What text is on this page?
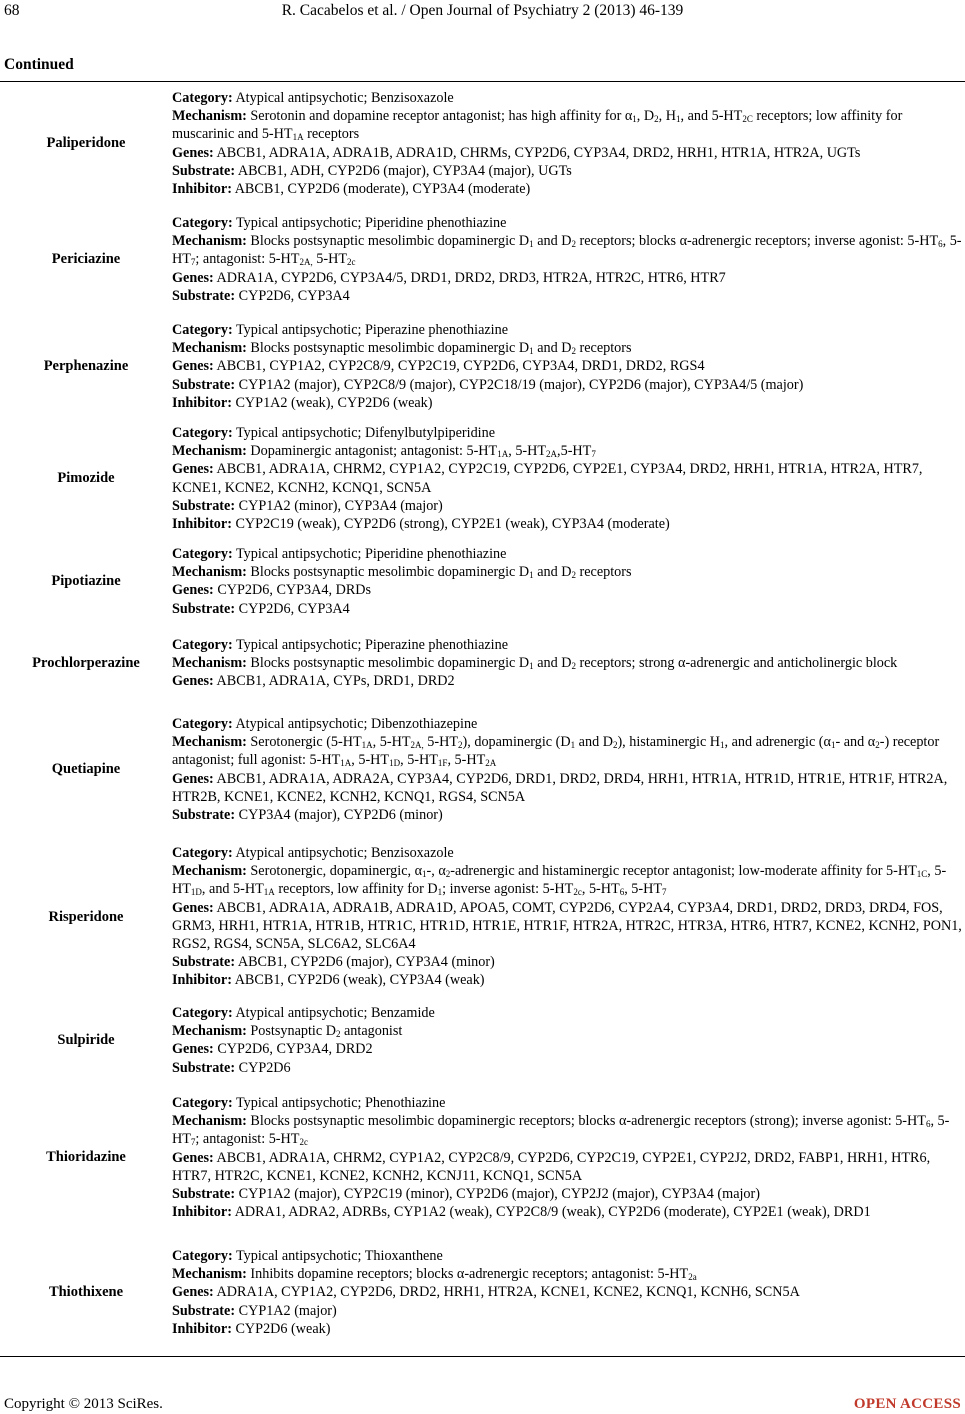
68	R. Cacabelos et al. / Open Journal of Psychiatry 2 (2013) 46-139
Continued
Paliperidone

Category: Atypical antipsychotic; Benzisoxazole

Mechanism: Serotonin and dopamine receptor antagonist; has high affinity for $\alpha_1$, $D_2$, $H_1$, and $5-HT_{2C}$ receptors; low affinity for muscarinic and $5-HT_{1A}$ receptors

Genes: ABCB1, ADRA1A, ADRA1B, ADRA1D, CHRMs, CYP2D6, CYP3A4, DRD2, HRH1, HTR1A, HTR2A, UGTs

Substrate: ABCB1, ADH, CYP2D6 (major), CYP3A4 (major), UGTs

Inhibitor: ABCB1, CYP2D6 (moderate), CYP3A4 (moderate)

Periciazine

Category: Typical antipsychotic; Piperidine phenothiazine

Mechanism: Blocks postsynaptic mesolimbic dopaminergic $D_1$ and $D_2$ receptors; blocks α-adrenergic receptors; inverse agonist: $5-HT_6$, $5-HT_7$; antagonist: $5-HT_{2A,}$ $5-HT_{2c}$

Genes: ADRA1A, CYP2D6, CYP3A4/5, DRD1, DRD2, DRD3, HTR2A, HTR2C, HTR6, HTR7

Substrate: CYP2D6, CYP3A4

Perphenazine

Category: Typical antipsychotic; Piperazine phenothiazine

Mechanism: Blocks postsynaptic mesolimbic dopaminergic $D_1$ and $D_2$ receptors

Genes: ABCB1, CYP1A2, CYP2C8/9, CYP2C19, CYP2D6, CYP3A4, DRD1, DRD2, RGS4

Substrate: CYP1A2 (major), CYP2C8/9 (major), CYP2C18/19 (major), CYP2D6 (major), CYP3A4/5 (major)

Inhibitor: CYP1A2 (weak), CYP2D6 (weak)

Pimozide

Category: Typical antipsychotic; Difenylbutylpiperidine

Mechanism: Dopaminergic antagonist; antagonist: $5-HT_{1A}$, $5-HT_{2A},5-HT_7$

Genes: ABCB1, ADRA1A, CHRM2, CYP1A2, CYP2C19, CYP2D6, CYP2E1, CYP3A4, DRD2, HRH1, HTR1A, HTR2A, HTR7, KCNE1, KCNE2, KCNH2, KCNQ1, SCN5A

Substrate: CYP1A2 (minor), CYP3A4 (major)

Inhibitor: CYP2C19 (weak), CYP2D6 (strong), CYP2E1 (weak), CYP3A4 (moderate)

Pipotiazine

Category: Typical antipsychotic; Piperidine phenothiazine

Mechanism: Blocks postsynaptic mesolimbic dopaminergic $D_1$ and $D_2$ receptors

Genes: CYP2D6, CYP3A4, DRDs

Substrate: CYP2D6, CYP3A4

Prochlorperazine

Category: Typical antipsychotic; Piperazine phenothiazine

Mechanism: Blocks postsynaptic mesolimbic dopaminergic $D_1$ and $D_2$ receptors; strong α-adrenergic and anticholinergic block

Genes: ABCB1, ADRA1A, CYPs, DRD1, DRD2

Quetiapine

Category: Atypical antipsychotic; Dibenzothiazepine

Mechanism: Serotonergic ($5-HT_{1A}$, $5-HT_{2A,}$ $5-HT_2$), dopaminergic ($D_1$ and $D_2$), histaminergic $H_1$, and adrenergic ($\alpha_1-$ and $\alpha_2-$) receptor antagonist; full agonist: $5-HT_{1A}$, $5-HT_{1D}$, $5-HT_{1F}$, $5-HT_{2A}$

Genes: ABCB1, ADRA1A, ADRA2A, CYP3A4, CYP2D6, DRD1, DRD2, DRD4, HRH1, HTR1A, HTR1D, HTR1E, HTR1F, HTR2A, HTR2B, KCNE1, KCNE2, KCNH2, KCNQ1, RGS4, SCN5A

Substrate: CYP3A4 (major), CYP2D6 (minor)

Risperidone

Category: Atypical antipsychotic; Benzisoxazole

Mechanism: Serotonergic, dopaminergic, $\alpha_1-$, $\alpha_2$-adrenergic and histaminergic receptor antagonist; low-moderate affinity for $5-HT_{1C}$, $5-HT_{1D}$, and $5-HT_{1A}$ receptors, low affinity for $D_1$; inverse agonist: $5-HT_{2c}$, $5-HT_6$, $5-HT_7$

Genes: ABCB1, ADRA1A, ADRA1B, ADRA1D, APOA5, COMT, CYP2D6, CYP2A4, CYP3A4, DRD1, DRD2, DRD3, DRD4, FOS, GRM3, HRH1, HTR1A, HTR1B, HTR1C, HTR1D, HTR1E, HTR1F, HTR2A, HTR2C, HTR3A, HTR6, HTR7, KCNE2, KCNH2, PON1, RGS2, RGS4, SCN5A, SLC6A2, SLC6A4

Substrate: ABCB1, CYP2D6 (major), CYP3A4 (minor)

Inhibitor: ABCB1, CYP2D6 (weak), CYP3A4 (weak)

Sulpiride

Category: Atypical antipsychotic; Benzamide

Mechanism: Postsynaptic $D_2$ antagonist

Genes: CYP2D6, CYP3A4, DRD2

Substrate: CYP2D6

Thioridazine

Category: Typical antipsychotic; Phenothiazine

Mechanism: Blocks postsynaptic mesolimbic dopaminergic receptors; blocks α-adrenergic receptors (strong); inverse agonist: $5-HT_6$, $5-HT_7$; antagonist: $5-HT_{2c}$

Genes: ABCB1, ADRA1A, CHRM2, CYP1A2, CYP2C8/9, CYP2D6, CYP2C19, CYP2E1, CYP2J2, DRD2, FABP1, HRH1, HTR6, HTR7, HTR2C, KCNE1, KCNE2, KCNH2, KCNJ11, KCNQ1, SCN5A

Substrate: CYP1A2 (major), CYP2C19 (minor), CYP2D6 (major), CYP2J2 (major), CYP3A4 (major)

Inhibitor: ADRA1, ADRA2, ADRBs, CYP1A2 (weak), CYP2C8/9 (weak), CYP2D6 (moderate), CYP2E1 (weak), DRD1

Thiothixene

Category: Typical antipsychotic; Thioxanthene

Mechanism: Inhibits dopamine receptors; blocks α-adrenergic receptors; antagonist: $5-HT_{2a}$

Genes: ADRA1A, CYP1A2, CYP2D6, DRD2, HRH1, HTR2A, KCNE1, KCNE2, KCNQ1, KCNH6, SCN5A

Substrate: CYP1A2 (major)

Inhibitor: CYP2D6 (weak)

Copyright © 2013 SciRes.	OPEN ACCESS
